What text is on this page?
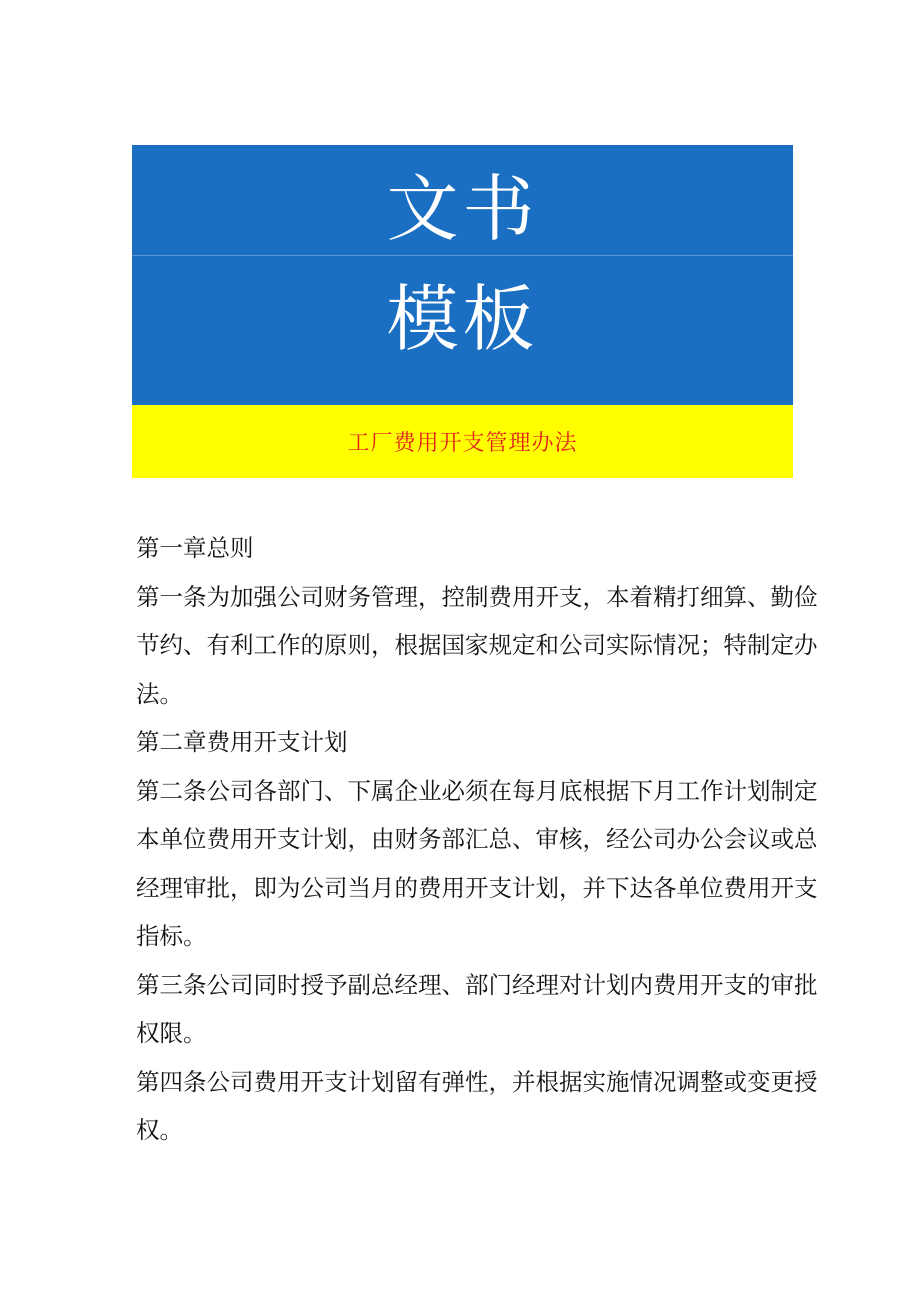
文书
模板
工厂费用开支管理办法

第一章总则

第一条为加强公司财务管理，控制费用开支，本着精打细算、勤俭节约、有利工作的原则，根据国家规定和公司实际情况；特制定办法。

第二章费用开支计划

第二条公司各部门、下属企业必须在每月底根据下月工作计划制定本单位费用开支计划，由财务部汇总、审核，经公司办公会议或总经理审批，即为公司当月的费用开支计划，并下达各单位费用开支指标。

第三条公司同时授予副总经理、部门经理对计划内费用开支的审批权限。

第四条公司费用开支计划留有弹性，并根据实施情况调整或变更授权。
